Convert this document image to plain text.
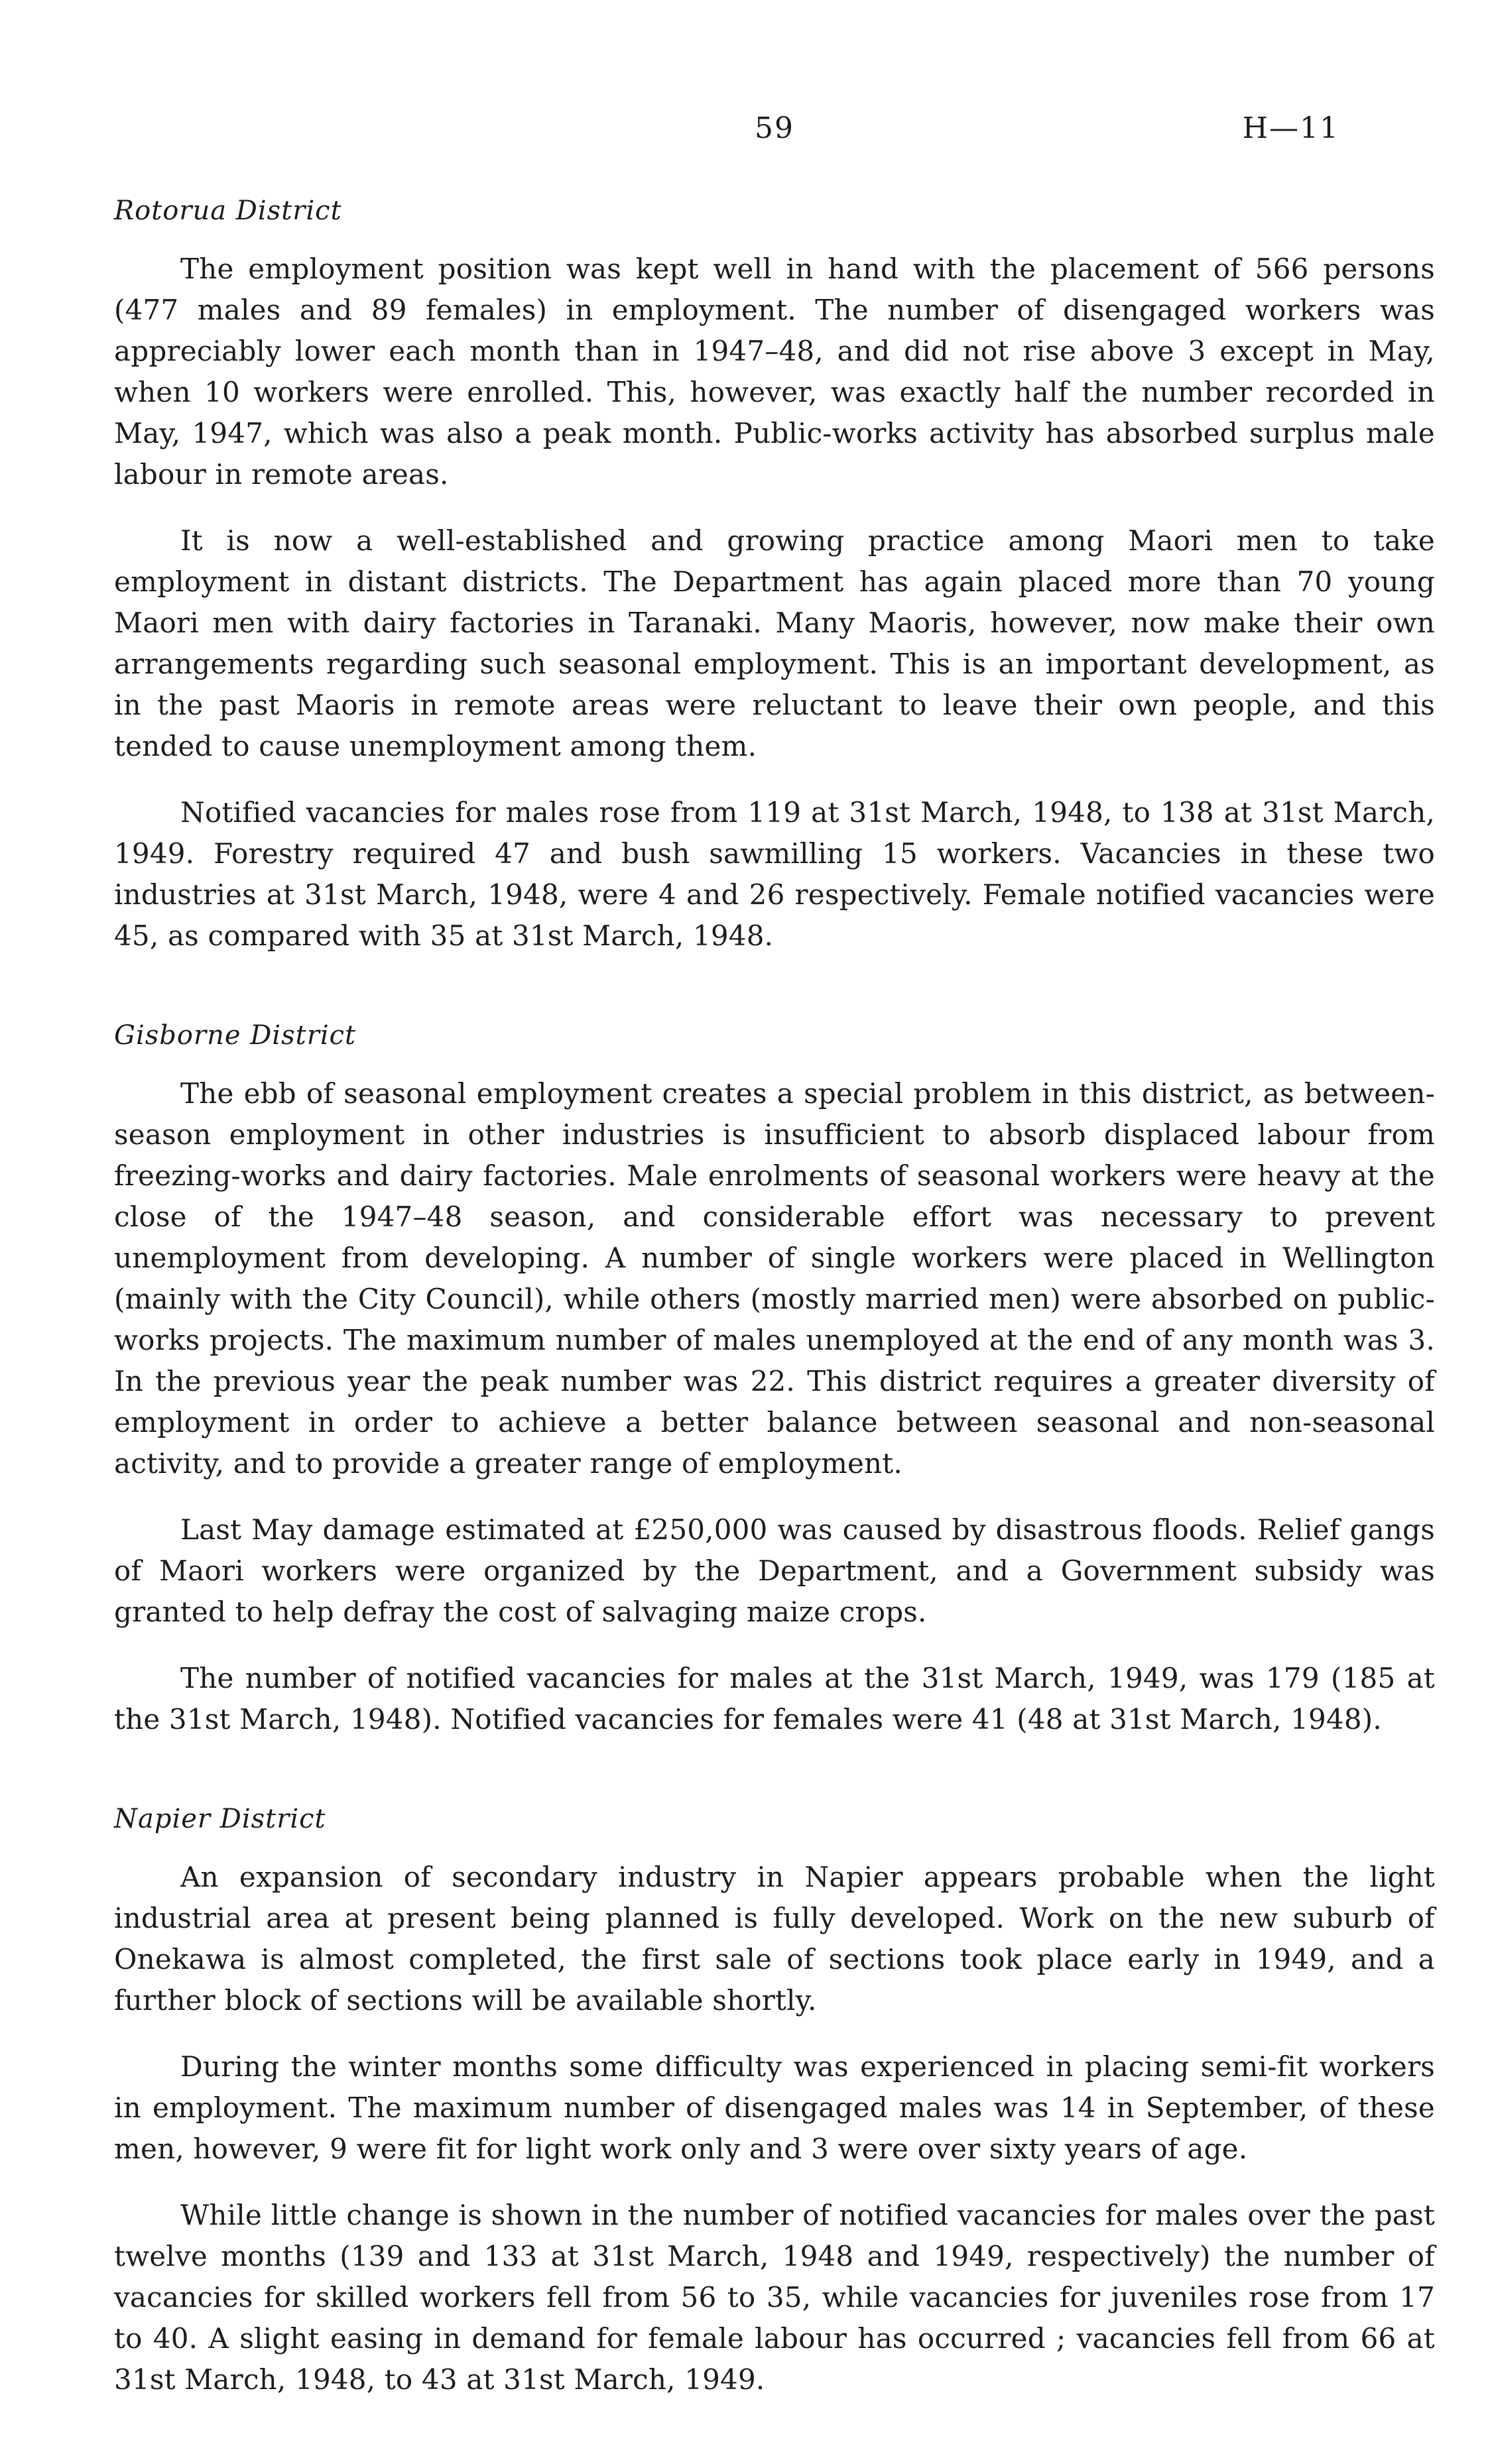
59	H—11
Rotorua District

The employment position was kept well in hand with the placement of 566 persons (477 males and 89 females) in employment. The number of disengaged workers was appreciably lower each month than in 1947–48, and did not rise above 3 except in May, when 10 workers were enrolled. This, however, was exactly half the number recorded in May, 1947, which was also a peak month. Public-works activity has absorbed surplus male labour in remote areas.

It is now a well-established and growing practice among Maori men to take employment in distant districts. The Department has again placed more than 70 young Maori men with dairy factories in Taranaki. Many Maoris, however, now make their own arrangements regarding such seasonal employment. This is an important development, as in the past Maoris in remote areas were reluctant to leave their own people, and this tended to cause unemployment among them.

Notified vacancies for males rose from 119 at 31st March, 1948, to 138 at 31st March, 1949. Forestry required 47 and bush sawmilling 15 workers. Vacancies in these two industries at 31st March, 1948, were 4 and 26 respectively. Female notified vacancies were 45, as compared with 35 at 31st March, 1948.

Gisborne District

The ebb of seasonal employment creates a special problem in this district, as between-season employment in other industries is insufficient to absorb displaced labour from freezing-works and dairy factories. Male enrolments of seasonal workers were heavy at the close of the 1947–48 season, and considerable effort was necessary to prevent unemployment from developing. A number of single workers were placed in Wellington (mainly with the City Council), while others (mostly married men) were absorbed on public-works projects. The maximum number of males unemployed at the end of any month was 3. In the previous year the peak number was 22. This district requires a greater diversity of employment in order to achieve a better balance between seasonal and non-seasonal activity, and to provide a greater range of employment.

Last May damage estimated at £250,000 was caused by disastrous floods. Relief gangs of Maori workers were organized by the Department, and a Government subsidy was granted to help defray the cost of salvaging maize crops.

The number of notified vacancies for males at the 31st March, 1949, was 179 (185 at the 31st March, 1948). Notified vacancies for females were 41 (48 at 31st March, 1948).

Napier District

An expansion of secondary industry in Napier appears probable when the light industrial area at present being planned is fully developed. Work on the new suburb of Onekawa is almost completed, the first sale of sections took place early in 1949, and a further block of sections will be available shortly.

During the winter months some difficulty was experienced in placing semi-fit workers in employment. The maximum number of disengaged males was 14 in September, of these men, however, 9 were fit for light work only and 3 were over sixty years of age.

While little change is shown in the number of notified vacancies for males over the past twelve months (139 and 133 at 31st March, 1948 and 1949, respectively) the number of vacancies for skilled workers fell from 56 to 35, while vacancies for juveniles rose from 17 to 40. A slight easing in demand for female labour has occurred ; vacancies fell from 66 at 31st March, 1948, to 43 at 31st March, 1949.
